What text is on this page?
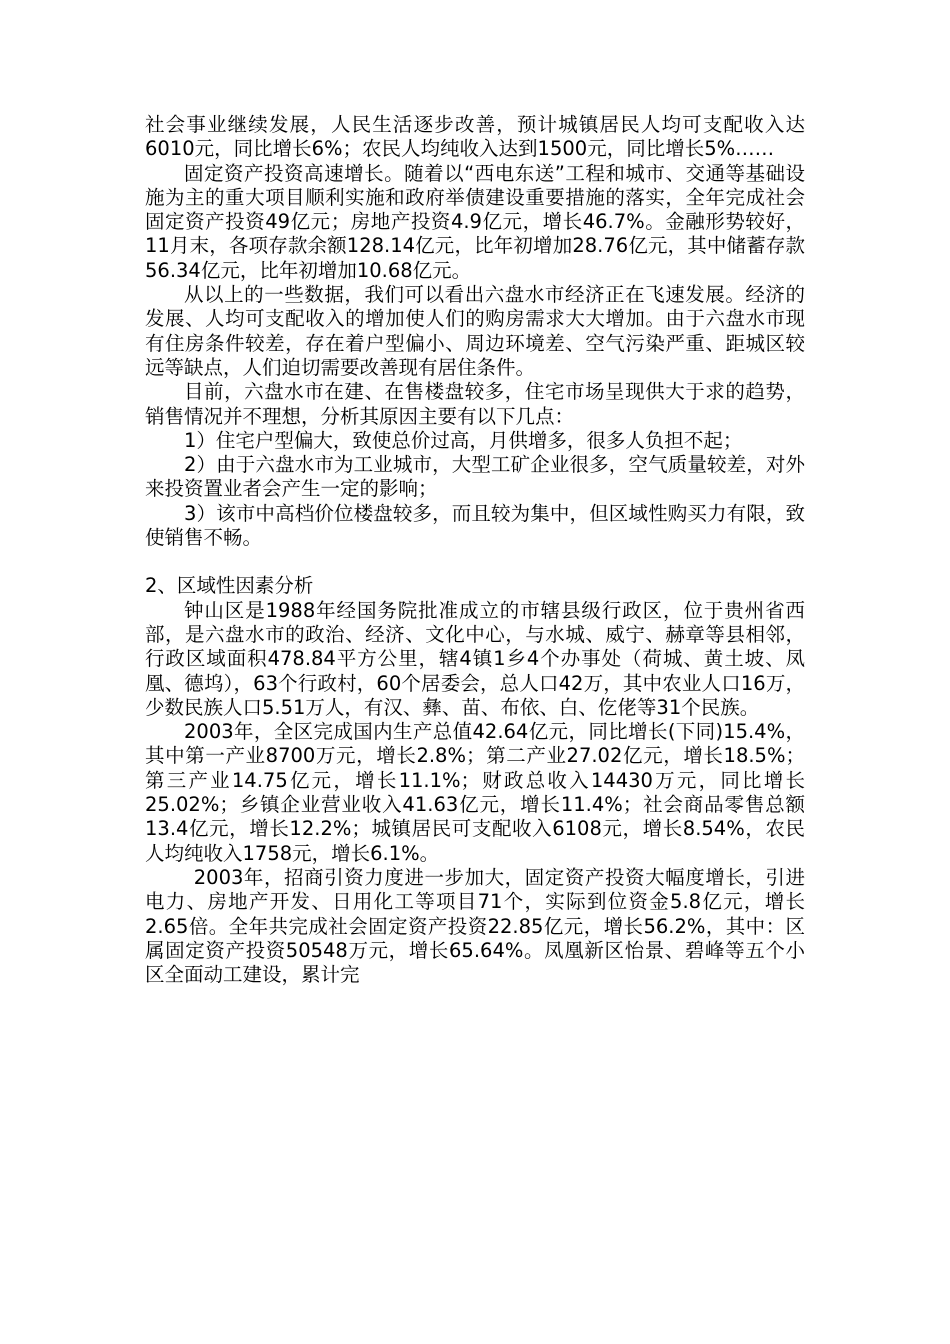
社会事业继续发展，人民生活逐步改善，预计城镇居民人均可支配收入达6010元，同比增长6%；农民人均纯收入达到1500元，同比增长5%……

固定资产投资高速增长。随着以“西电东送”工程和城市、交通等基础设施为主的重大项目顺利实施和政府举债建设重要措施的落实，全年完成社会固定资产投资49亿元；房地产投资4.9亿元，增长46.7%。金融形势较好，11月末，各项存款余额128.14亿元，比年初增加28.76亿元，其中储蓄存款56.34亿元，比年初增加10.68亿元。

从以上的一些数据，我们可以看出六盘水市经济正在飞速发展。经济的发展、人均可支配收入的增加使人们的购房需求大大增加。由于六盘水市现有住房条件较差，存在着户型偏小、周边环境差、空气污染严重、距城区较远等缺点，人们迫切需要改善现有居住条件。

目前，六盘水市在建、在售楼盘较多，住宅市场呈现供大于求的趋势，销售情况并不理想，分析其原因主要有以下几点：

1）住宅户型偏大，致使总价过高，月供增多，很多人负担不起；

2）由于六盘水市为工业城市，大型工矿企业很多，空气质量较差，对外来投资置业者会产生一定的影响；

3）该市中高档价位楼盘较多，而且较为集中，但区域性购买力有限，致使销售不畅。

2、区域性因素分析

钟山区是1988年经国务院批准成立的市辖县级行政区，位于贵州省西部，是六盘水市的政治、经济、文化中心，与水城、威宁、赫章等县相邻，行政区域面积478.84平方公里，辖4镇1乡4个办事处（荷城、黄土坡、凤凰、德坞），63个行政村，60个居委会，总人口42万，其中农业人口16万，少数民族人口5.51万人，有汉、彝、苗、布依、白、仡佬等31个民族。

2003年，全区完成国内生产总值42.64亿元，同比增长(下同)15.4%，其中第一产业8700万元，增长2.8%；第二产业27.02亿元，增长18.5%；第三产业14.75亿元，增长11.1%；财政总收入14430万元，同比增长25.02%；乡镇企业营业收入41.63亿元，增长11.4%；社会商品零售总额13.4亿元，增长12.2%；城镇居民可支配收入6108元，增长8.54%，农民人均纯收入1758元，增长6.1%。

2003年，招商引资力度进一步加大，固定资产投资大幅度增长，引进电力、房地产开发、日用化工等项目71个，实际到位资金5.8亿元，增长2.65倍。全年共完成社会固定资产投资22.85亿元，增长56.2%，其中：区属固定资产投资50548万元，增长65.64%。凤凰新区怡景、碧峰等五个小区全面动工建设，累计完
